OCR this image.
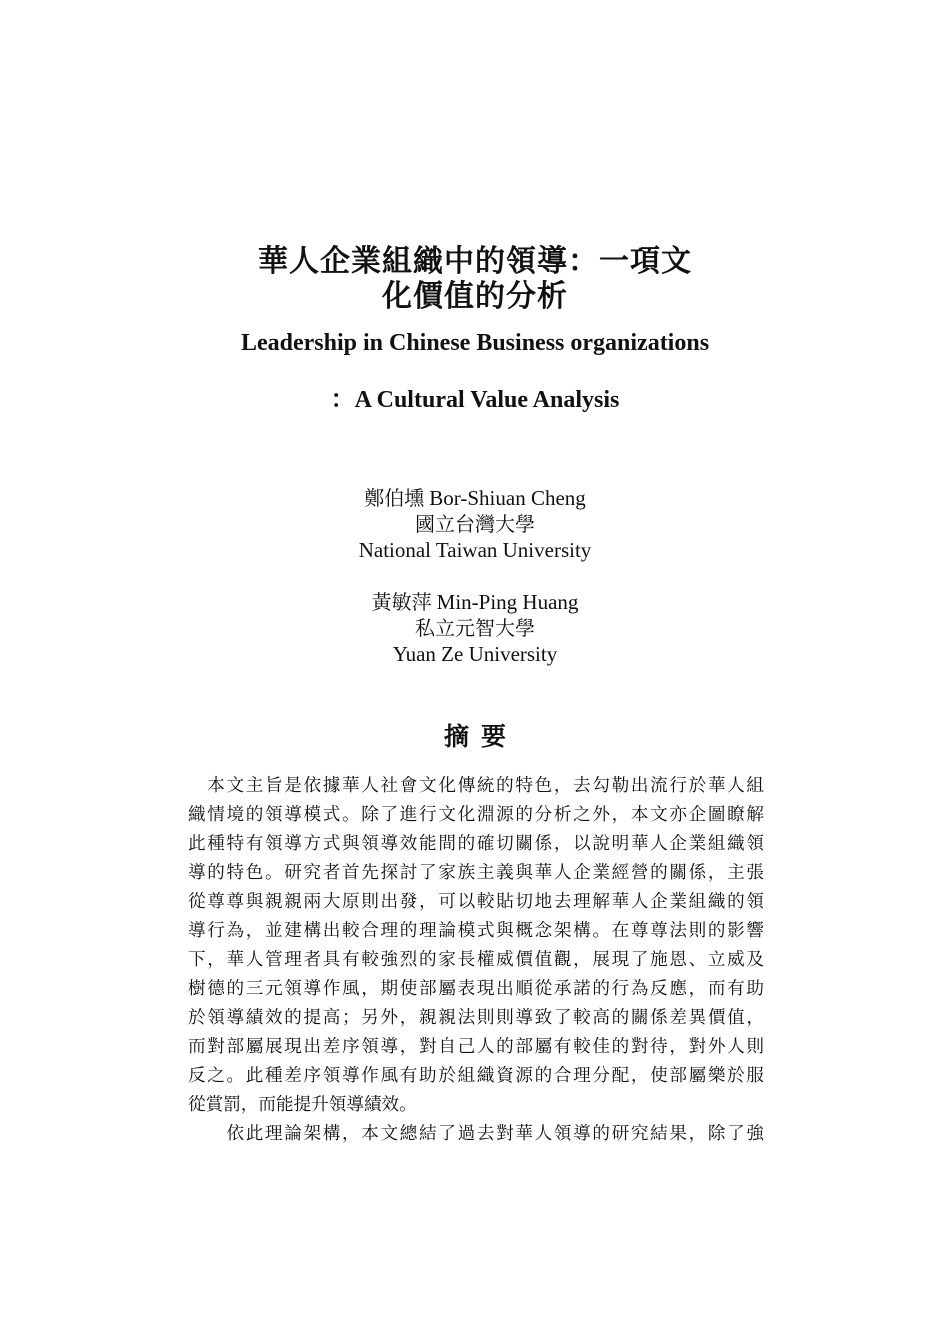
華人企業組織中的領導：一項文
化價值的分析
Leadership in Chinese Business organizations
：A Cultural Value Analysis
鄭伯壎 Bor-Shiuan Cheng
國立台灣大學
National Taiwan University
黃敏萍 Min-Ping Huang
私立元智大學
Yuan Ze University
摘要
　本文主旨是依據華人社會文化傳統的特色，去勾勒出流行於華人組
織情境的領導模式。除了進行文化淵源的分析之外，本文亦企圖瞭解
此種特有領導方式與領導效能間的確切關係，以說明華人企業組織領
導的特色。研究者首先探討了家族主義與華人企業經營的關係，主張
從尊尊與親親兩大原則出發，可以較貼切地去理解華人企業組織的領
導行為，並建構出較合理的理論模式與概念架構。在尊尊法則的影響
下，華人管理者具有較強烈的家長權威價值觀，展現了施恩、立威及
樹德的三元領導作風，期使部屬表現出順從承諾的行為反應，而有助
於領導績效的提高；另外，親親法則則導致了較高的關係差異價值，
而對部屬展現出差序領導，對自己人的部屬有較佳的對待，對外人則
反之。此種差序領導作風有助於組織資源的合理分配，使部屬樂於服
從賞罰，而能提升領導績效。
　　依此理論架構，本文總結了過去對華人領導的研究結果，除了強
